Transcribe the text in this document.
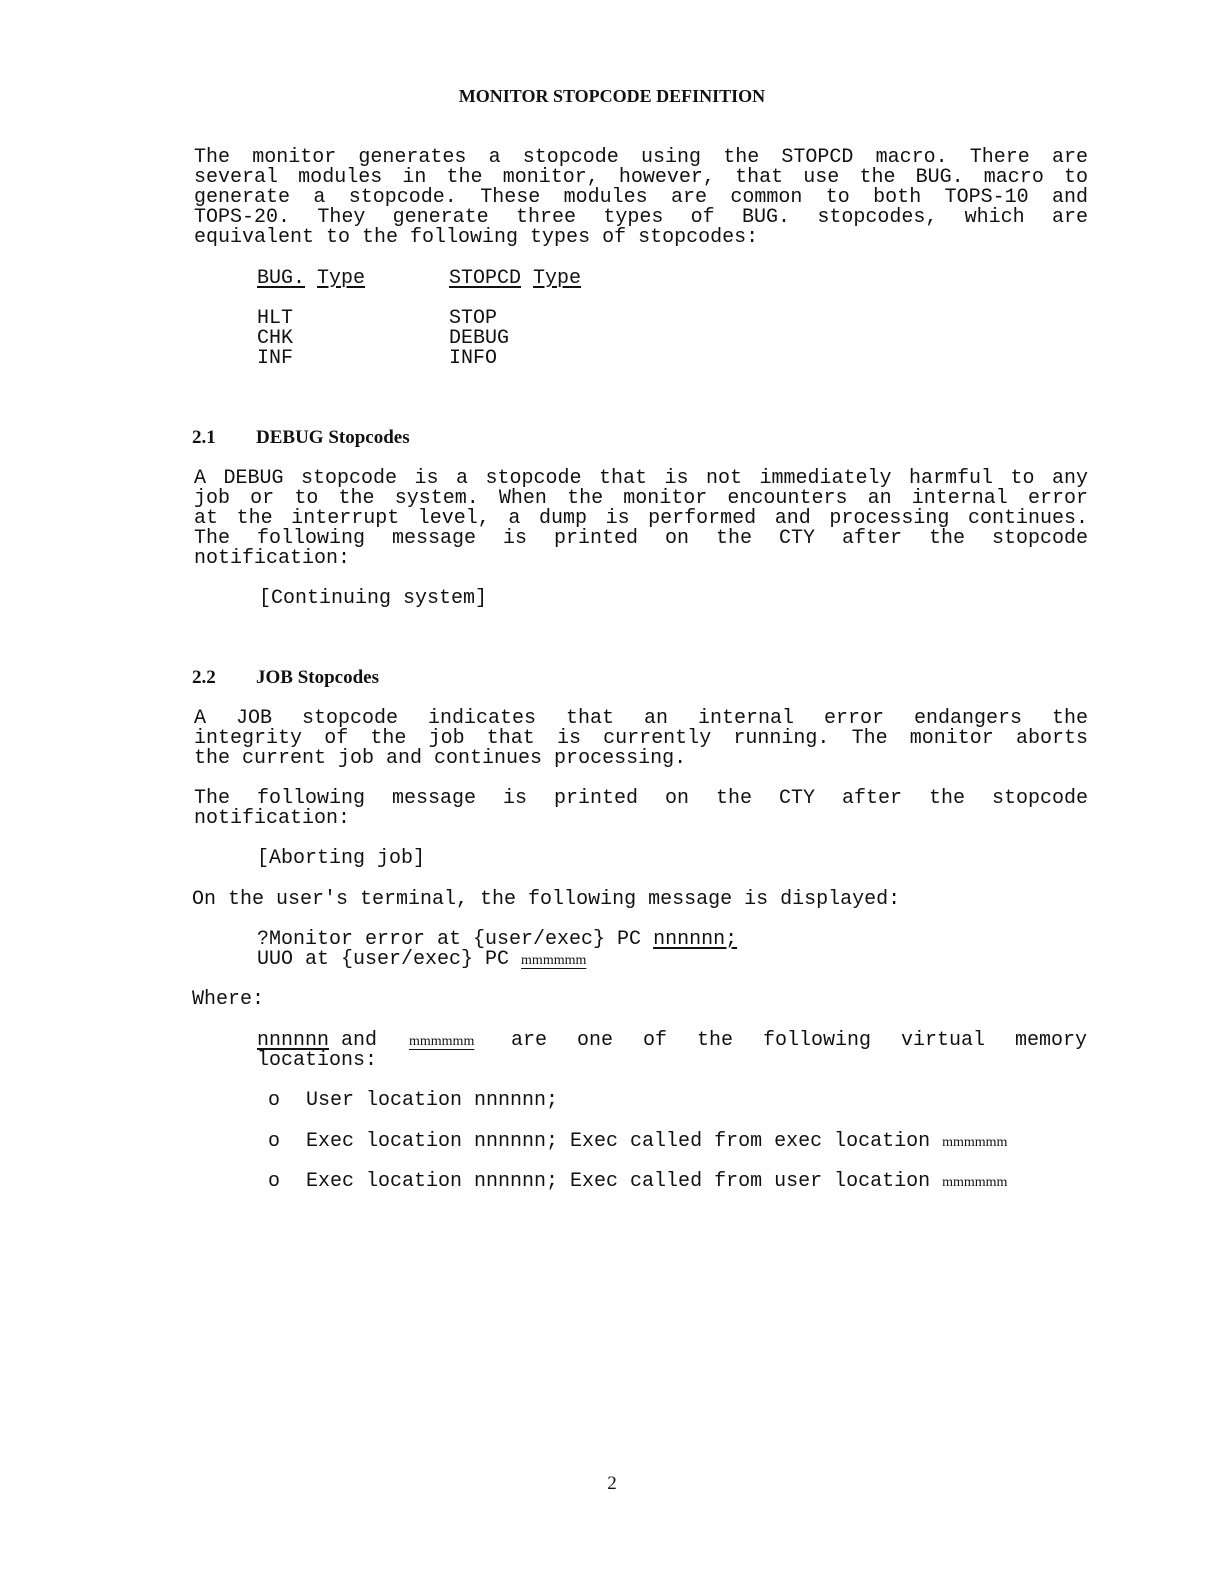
MONITOR STOPCODE DEFINITION
The monitor generates a stopcode using the STOPCD macro. There are
several modules in the monitor, however, that use the BUG. macro to
generate a stopcode. These modules are common to both TOPS-10 and
TOPS-20. They generate three types of BUG. stopcodes, which are
equivalent to the following types of stopcodes:
BUG. Type	STOPCD Type
HLT	STOP
CHK	DEBUG
INF	INFO
2.1 DEBUG Stopcodes
A DEBUG stopcode is a stopcode that is not immediately harmful to any
job or to the system. When the monitor encounters an internal error
at the interrupt level, a dump is performed and processing continues.
The following message is printed on the CTY after the stopcode
notification:
[Continuing system]
2.2 JOB Stopcodes
A JOB stopcode indicates that an internal error endangers the
integrity of the job that is currently running. The monitor aborts
the current job and continues processing.
The following message is printed on the CTY after the stopcode
notification:
[Aborting job]
On the user's terminal, the following message is displayed:
?Monitor error at {user/exec} PC nnnnnn;
UUO at {user/exec} PC mmmmmm
Where:
nnnnnn and mmmmmm are one of the following virtual memory
locations:
o User location nnnnnn;
o Exec location nnnnnn; Exec called from exec location mmmmmm
o Exec location nnnnnn; Exec called from user location mmmmmm
2
